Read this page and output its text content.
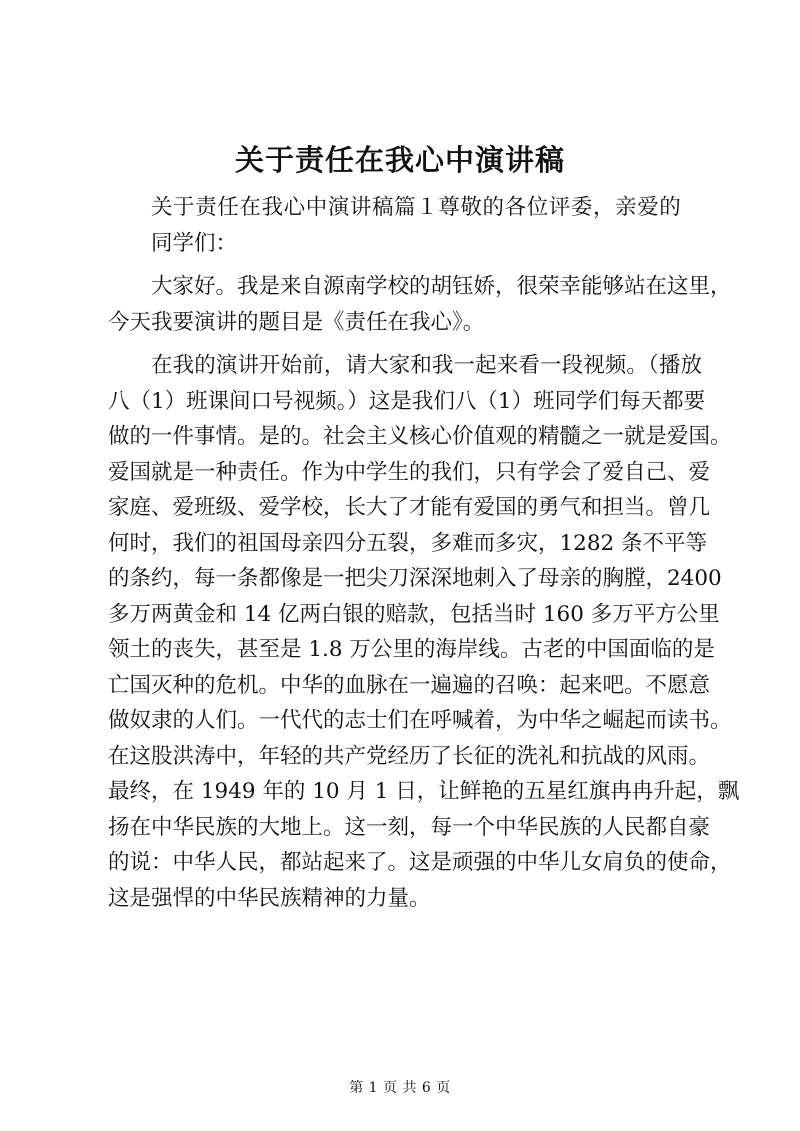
关于责任在我心中演讲稿

关于责任在我心中演讲稿篇１尊敬的各位评委，亲爱的
同学们：

大家好。我是来自源南学校的胡钰娇，很荣幸能够站在这里，
今天我要演讲的题目是《责任在我心》。

在我的演讲开始前，请大家和我一起来看一段视频。（播放
八（1）班课间口号视频。）这是我们八（1）班同学们每天都要
做的一件事情。是的。社会主义核心价值观的精髓之一就是爱国。
爱国就是一种责任。作为中学生的我们，只有学会了爱自己、爱
家庭、爱班级、爱学校，长大了才能有爱国的勇气和担当。曾几
何时，我们的祖国母亲四分五裂，多难而多灾，1282 条不平等
的条约，每一条都像是一把尖刀深深地刺入了母亲的胸膛，2400
多万两黄金和 14 亿两白银的赔款，包括当时 160 多万平方公里
领土的丧失，甚至是 1.8 万公里的海岸线。古老的中国面临的是
亡国灭种的危机。中华的血脉在一遍遍的召唤：起来吧。不愿意
做奴隶的人们。一代代的志士们在呼喊着，为中华之崛起而读书。
在这股洪涛中，年轻的共产党经历了长征的洗礼和抗战的风雨。
最终，在 1949 年的 10 月 1 日，让鲜艳的五星红旗冉冉升起，飘
扬在中华民族的大地上。这一刻，每一个中华民族的人民都自豪
的说：中华人民，都站起来了。这是顽强的中华儿女肩负的使命，
这是强悍的中华民族精神的力量。

第 1 页 共 6 页
